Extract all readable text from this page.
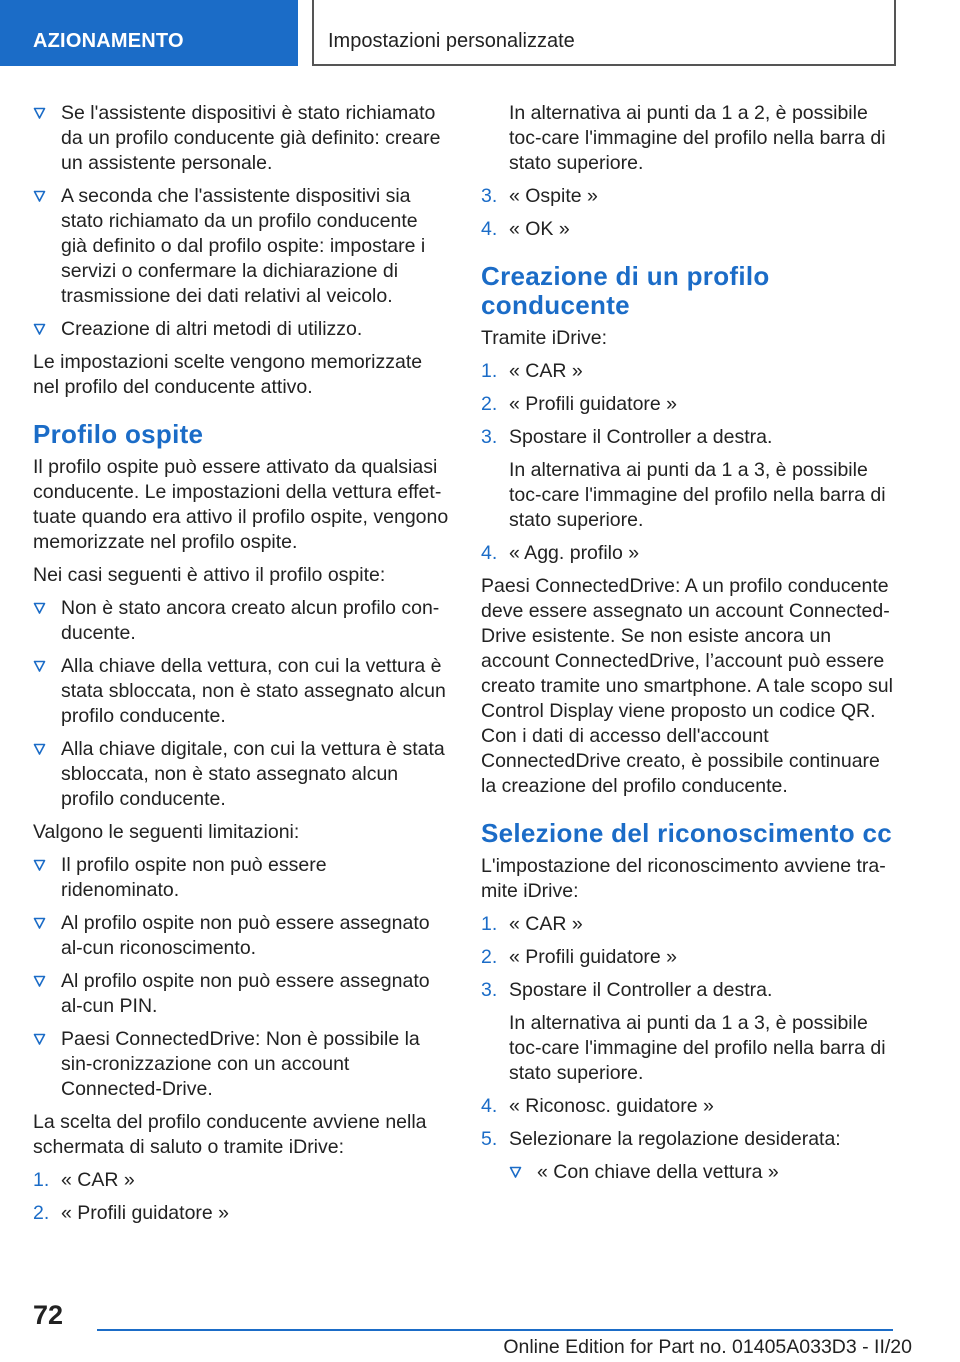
AZIONAMENTO	Impostazioni personalizzate
Se l'assistente dispositivi è stato richiamato da un profilo conducente già definito: creare un assistente personale.
A seconda che l'assistente dispositivi sia stato richiamato da un profilo conducente già definito o dal profilo ospite: impostare i servizi o confermare la dichiarazione di trasmissione dei dati relativi al veicolo.
Creazione di altri metodi di utilizzo.

Le impostazioni scelte vengono memorizzate nel profilo del conducente attivo.

Profilo ospite

Il profilo ospite può essere attivato da qualsiasi conducente. Le impostazioni della vettura effet-tuate quando era attivo il profilo ospite, vengono memorizzate nel profilo ospite.

Nei casi seguenti è attivo il profilo ospite:

Non è stato ancora creato alcun profilo con-ducente.
Alla chiave della vettura, con cui la vettura è stata sbloccata, non è stato assegnato alcun profilo conducente.
Alla chiave digitale, con cui la vettura è stata sbloccata, non è stato assegnato alcun profilo conducente.

Valgono le seguenti limitazioni:

Il profilo ospite non può essere ridenominato.
Al profilo ospite non può essere assegnato al-cun riconoscimento.
Al profilo ospite non può essere assegnato al-cun PIN.
Paesi ConnectedDrive: Non è possibile la sin-cronizzazione con un account Connected-Drive.

La scelta del profilo conducente avviene nella schermata di saluto o tramite iDrive:

1. « CAR »
2. « Profili guidatore »

In alternativa ai punti da 1 a 2, è possibile toc-care l'immagine del profilo nella barra di stato superiore.

3. « Ospite »
4. « OK »
Creazione di un profilo conducente

Tramite iDrive:

1. « CAR »
2. « Profili guidatore »
3. Spostare il Controller a destra.

In alternativa ai punti da 1 a 3, è possibile toc-care l'immagine del profilo nella barra di stato superiore.

4. « Agg. profilo »

Paesi ConnectedDrive: A un profilo conducente deve essere assegnato un account Connected-Drive esistente. Se non esiste ancora un account ConnectedDrive, l’account può essere creato tramite uno smartphone. A tale scopo sul Control Display viene proposto un codice QR. Con i dati di accesso dell'account ConnectedDrive creato, è possibile continuare la creazione del profilo conducente.

Selezione del riconoscimento cc

L'impostazione del riconoscimento avviene tra-mite iDrive:

1. « CAR »
2. « Profili guidatore »
3. Spostare il Controller a destra.

In alternativa ai punti da 1 a 3, è possibile toc-care l'immagine del profilo nella barra di stato superiore.

4. « Riconosc. guidatore »
5. Selezionare la regolazione desiderata:
« Con chiave della vettura »
72
Online Edition for Part no. 01405A033D3 - II/20
